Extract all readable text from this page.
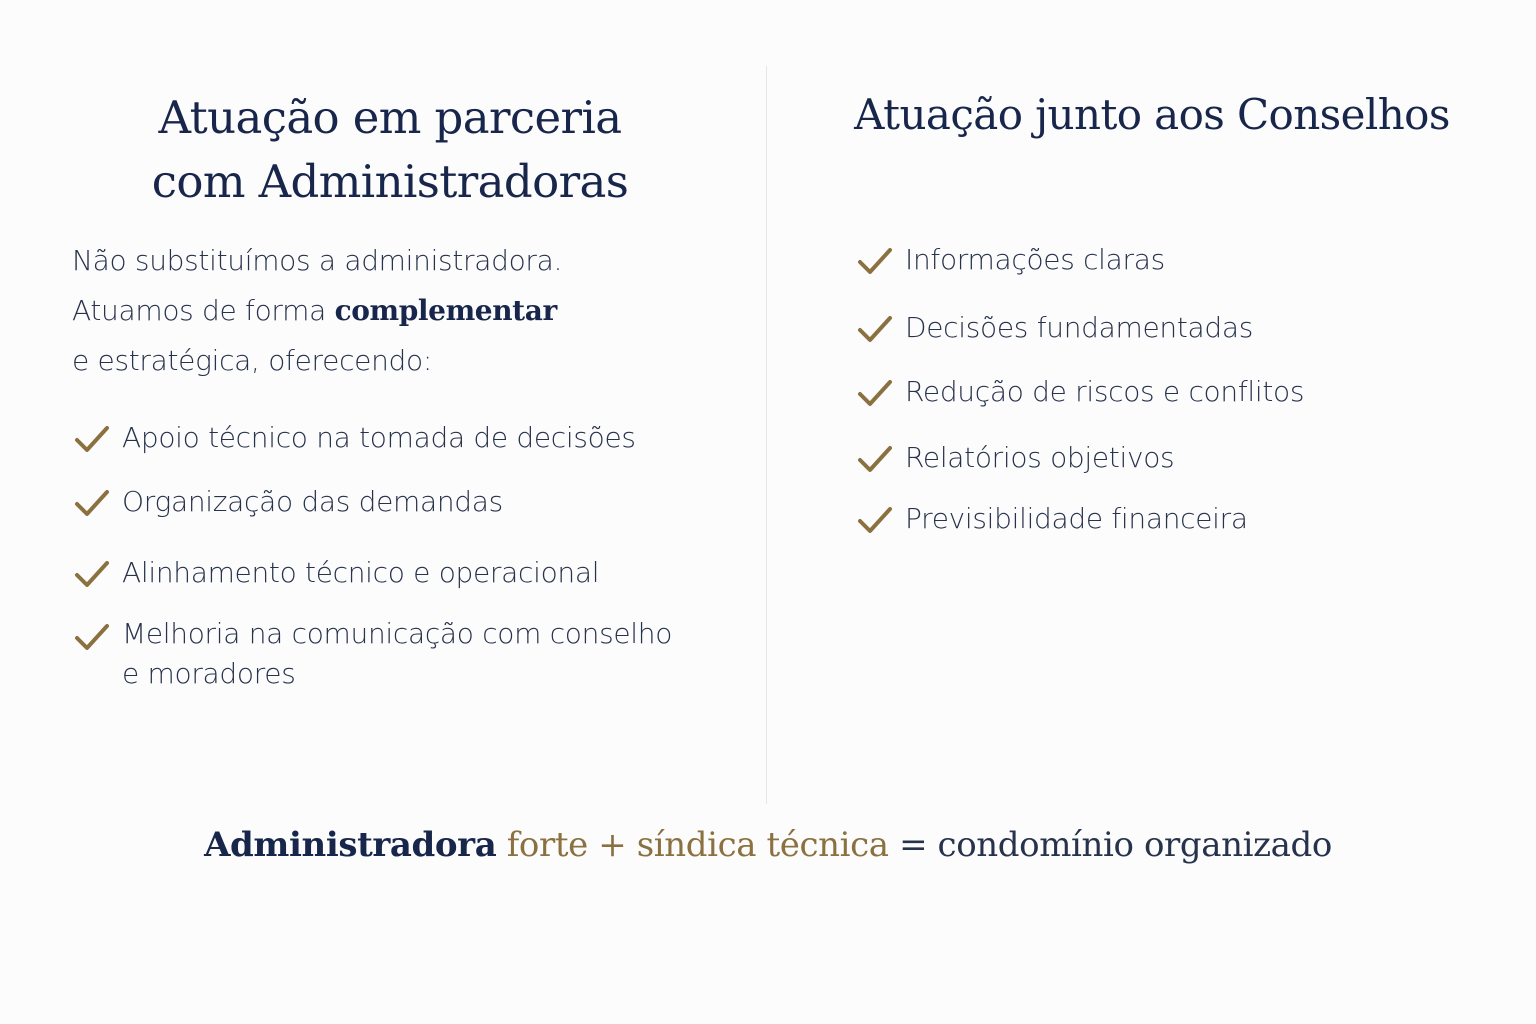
Atuação em parceria
com Administradoras

Não substituímos a administradora.
Atuamos de forma complementar
e estratégica, oferecendo:

Apoio técnico na tomada de decisões
Organização das demandas
Alinhamento técnico e operacional
Melhoria na comunicação com conselho
e moradores
Atuação junto aos Conselhos
Informações claras
Decisões fundamentadas
Redução de riscos e conflitos
Relatórios objetivos
Previsibilidade financeira

Administradora forte + síndica técnica = condomínio organizado
